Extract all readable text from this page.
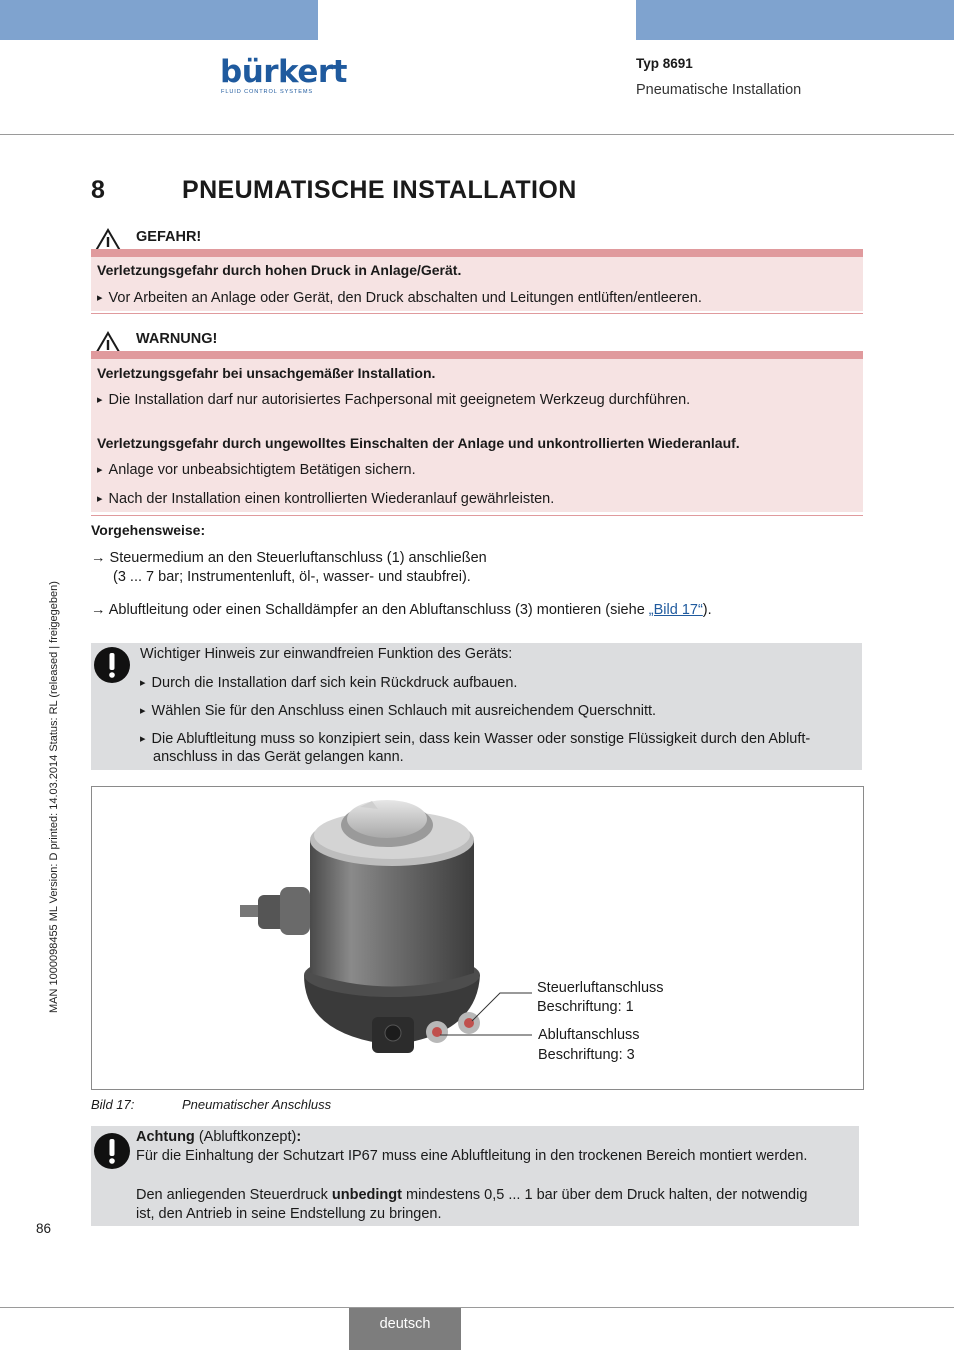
bürkert
FLUID CONTROL SYSTEMS
Typ 8691
Pneumatische Installation
8	PNEUMATISCHE INSTALLATION
GEFAHR!
Verletzungsgefahr durch hohen Druck in Anlage/Gerät.
▸ Vor Arbeiten an Anlage oder Gerät, den Druck abschalten und Leitungen entlüften/entleeren.
WARNUNG!
Verletzungsgefahr bei unsachgemäßer Installation.
▸ Die Installation darf nur autorisiertes Fachpersonal mit geeignetem Werkzeug durchführen.
Verletzungsgefahr durch ungewolltes Einschalten der Anlage und unkontrollierten Wiederanlauf.
▸ Anlage vor unbeabsichtigtem Betätigen sichern.
▸ Nach der Installation einen kontrollierten Wiederanlauf gewährleisten.
Vorgehensweise:
→ Steuermedium an den Steuerluftanschluss (1) anschließen
(3 ... 7 bar; Instrumentenluft, öl-, wasser- und staubfrei).
→ Abluftleitung oder einen Schalldämpfer an den Abluftanschluss (3) montieren (siehe „Bild 17“).
Wichtiger Hinweis zur einwandfreien Funktion des Geräts:
▸ Durch die Installation darf sich kein Rückdruck aufbauen.
▸ Wählen Sie für den Anschluss einen Schlauch mit ausreichendem Querschnitt.
▸ Die Abluftleitung muss so konzipiert sein, dass kein Wasser oder sonstige Flüssigkeit durch den Abluft-
anschluss in das Gerät gelangen kann.
Steuerluftanschluss
Beschriftung: 1
Abluftanschluss
Beschriftung: 3
Bild 17:	Pneumatischer Anschluss
Achtung (Abluftkonzept):
Für die Einhaltung der Schutzart IP67 muss eine Abluftleitung in den trockenen Bereich montiert werden.
Den anliegenden Steuerdruck unbedingt mindestens 0,5 ... 1 bar über dem Druck halten, der notwendig
ist, den Antrieb in seine Endstellung zu bringen.
MAN 1000098455 ML Version: D printed: 14.03.2014 Status: RL (released | freigegeben)
86
deutsch
